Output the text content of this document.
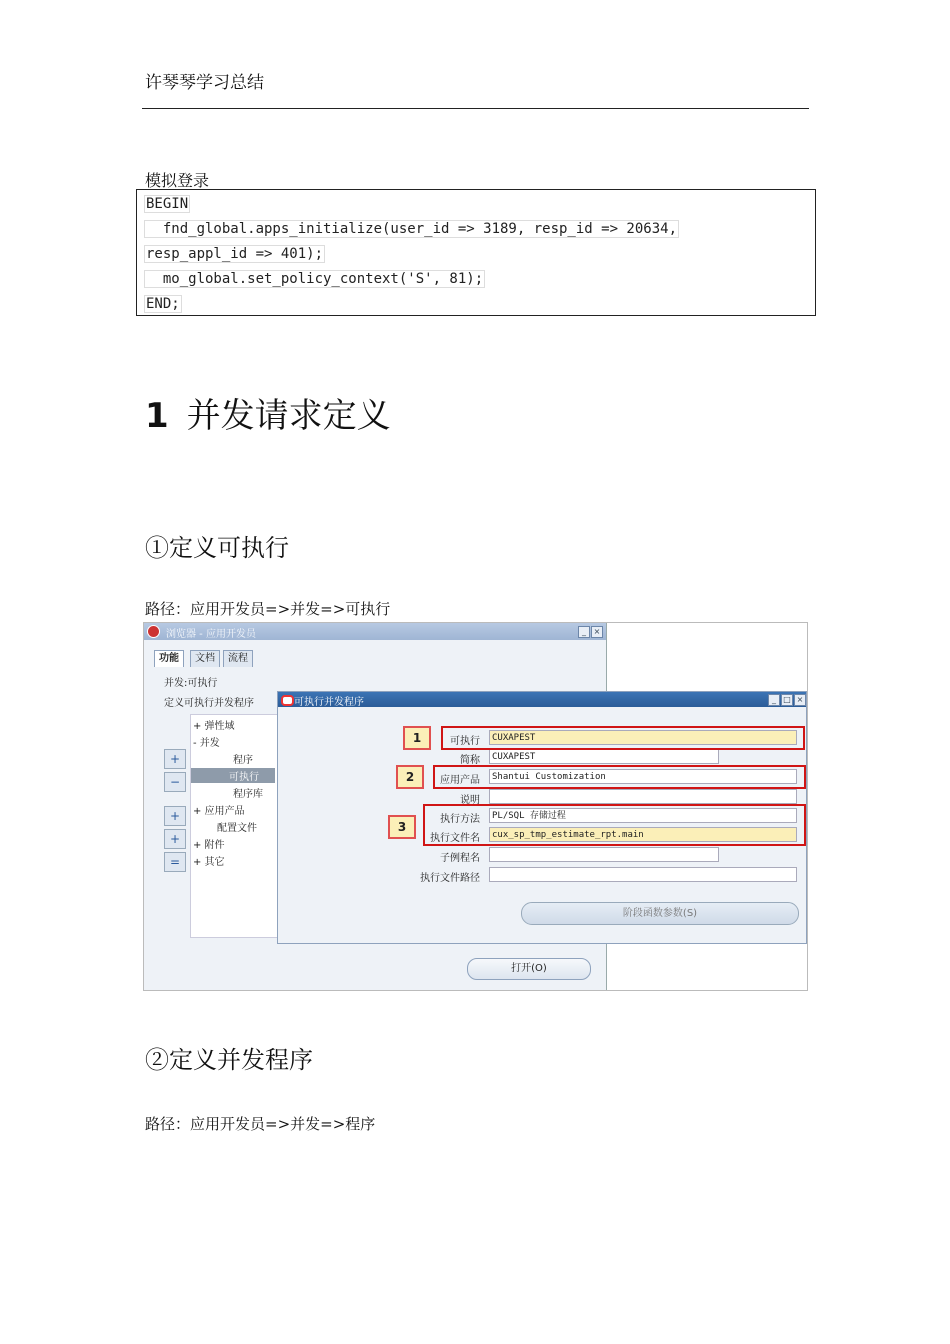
许琴琴学习总结
模拟登录
BEGIN
fnd_global.apps_initialize(user_id => 3189, resp_id => 20634,
resp_appl_id => 401);
mo_global.set_policy_context('S', 81);
END;
1 并发请求定义
①定义可执行
路径：应用开发员=>并发=>可执行
浏览器 - 应用开发员	_ ×
功能	文档	流程
并发:可执行
定义可执行并发程序
+ 弹性域
- 并发
程序
可执行
程序库
+ 应用产品
配置文件
+ 附件
+ 其它
+
−
+
+
=
打开(O)
可执行并发程序	_ □ ×
可执行	CUXAPEST
简称	CUXAPEST
应用产品	Shantui Customization
说明
执行方法	PL/SQL 存储过程
执行文件名	cux_sp_tmp_estimate_rpt.main
子例程名
执行文件路径
1
2
3
阶段函数参数(S)
②定义并发程序
路径：应用开发员=>并发=>程序
